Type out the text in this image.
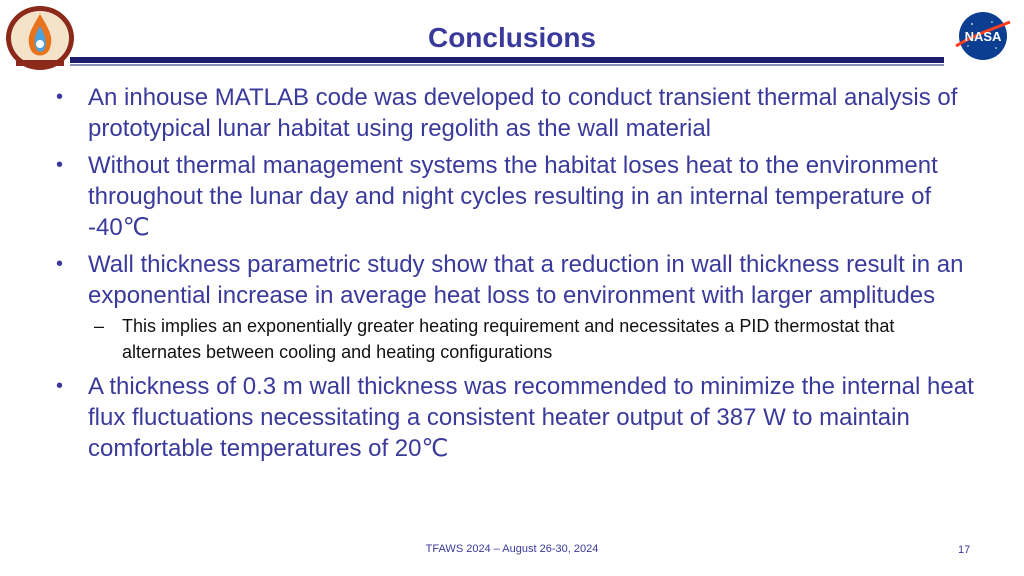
NASA
Conclusions
• An inhouse MATLAB code was developed to conduct transient thermal analysis of prototypical lunar habitat using regolith as the wall material
• Without thermal management systems the habitat loses heat to the environment throughout the lunar day and night cycles resulting in an internal temperature of -40℃
• Wall thickness parametric study show that a reduction in wall thickness result in an exponential increase in average heat loss to environment with larger amplitudes
– This implies an exponentially greater heating requirement and necessitates a PID thermostat that alternates between cooling and heating configurations
• A thickness of 0.3 m wall thickness was recommended to minimize the internal heat flux fluctuations necessitating a consistent heater output of 387 W to maintain comfortable temperatures of 20℃
TFAWS 2024 – August 26-30, 2024	17
